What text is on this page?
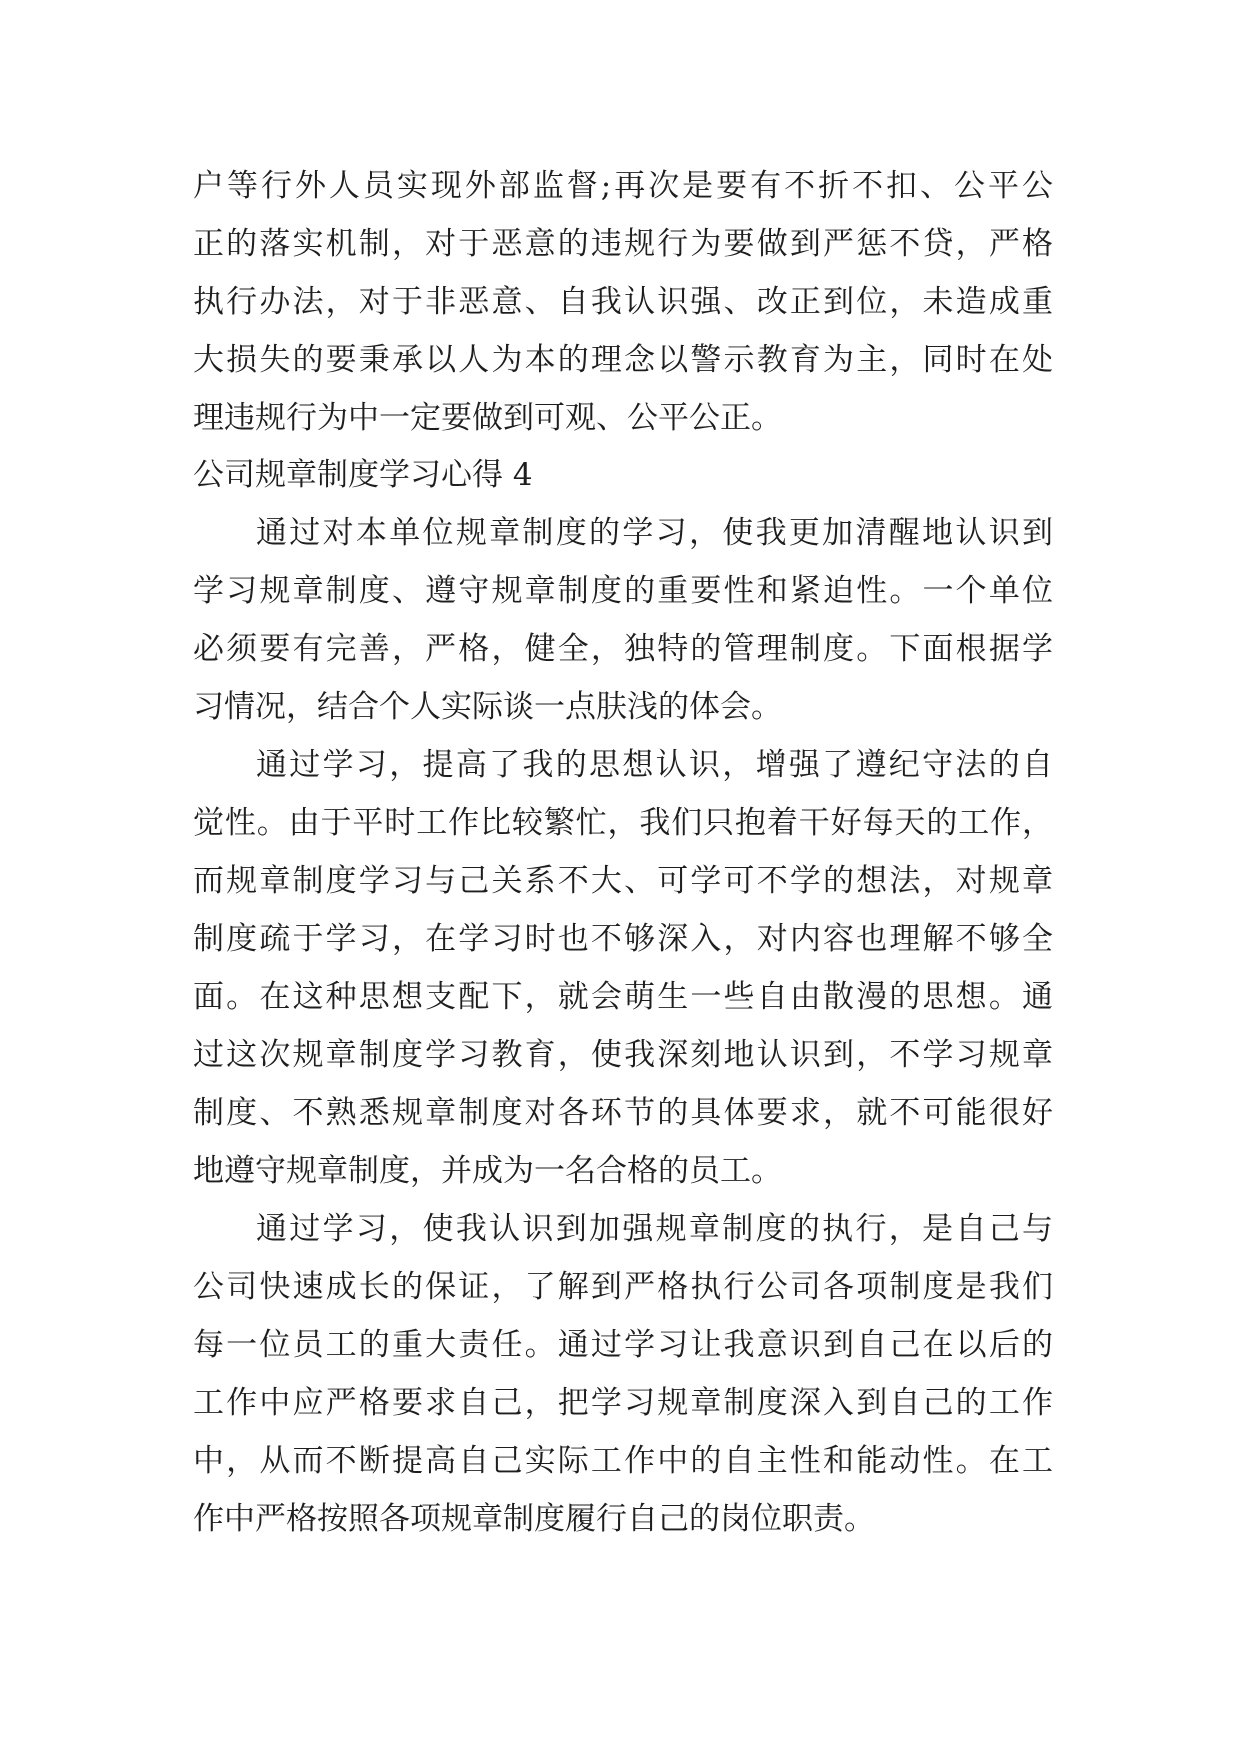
户等行外人员实现外部监督;再次是要有不折不扣、公平公
正的落实机制，对于恶意的违规行为要做到严惩不贷，严格
执行办法，对于非恶意、自我认识强、改正到位，未造成重
大损失的要秉承以人为本的理念以警示教育为主，同时在处
理违规行为中一定要做到可观、公平公正。
公司规章制度学习心得 4
通过对本单位规章制度的学习，使我更加清醒地认识到
学习规章制度、遵守规章制度的重要性和紧迫性。一个单位
必须要有完善，严格，健全，独特的管理制度。下面根据学
习情况，结合个人实际谈一点肤浅的体会。
通过学习，提高了我的思想认识，增强了遵纪守法的自
觉性。由于平时工作比较繁忙，我们只抱着干好每天的工作，
而规章制度学习与己关系不大、可学可不学的想法，对规章
制度疏于学习，在学习时也不够深入，对内容也理解不够全
面。在这种思想支配下，就会萌生一些自由散漫的思想。通
过这次规章制度学习教育，使我深刻地认识到，不学习规章
制度、不熟悉规章制度对各环节的具体要求，就不可能很好
地遵守规章制度，并成为一名合格的员工。
通过学习，使我认识到加强规章制度的执行，是自己与
公司快速成长的保证，了解到严格执行公司各项制度是我们
每一位员工的重大责任。通过学习让我意识到自己在以后的
工作中应严格要求自己，把学习规章制度深入到自己的工作
中，从而不断提高自己实际工作中的自主性和能动性。在工
作中严格按照各项规章制度履行自己的岗位职责。
